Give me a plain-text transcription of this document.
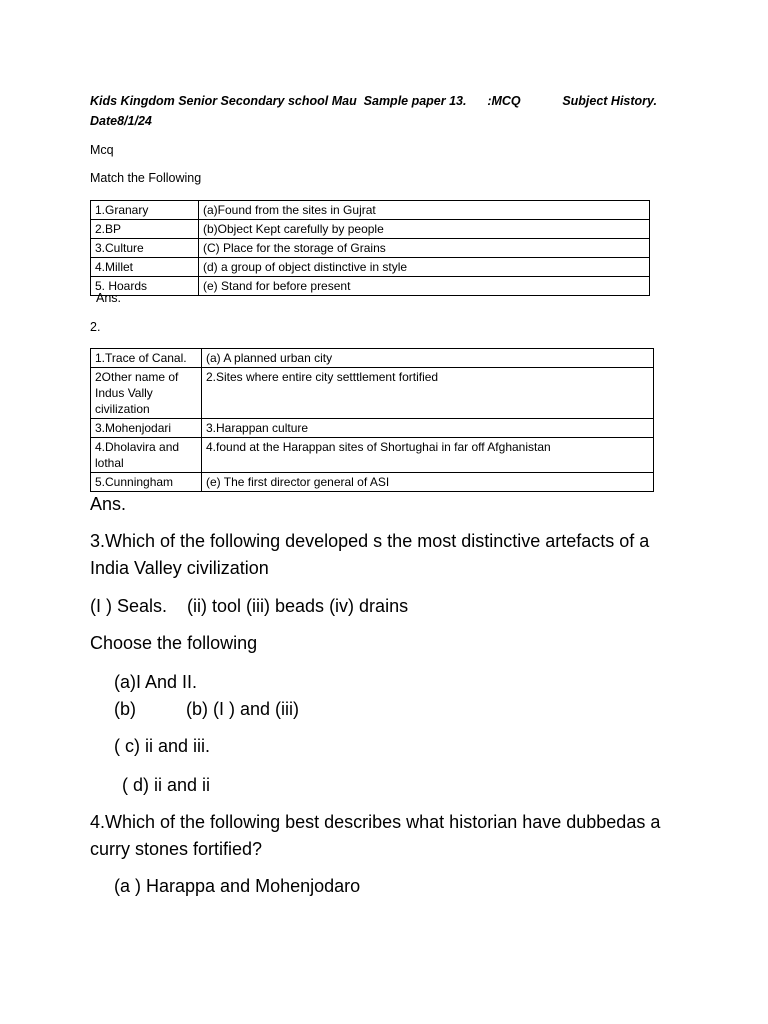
Kids Kingdom Senior Secondary school Mau  Sample paper 13.      :MCQ            Subject History.
Date8/1/24
Mcq
Match the Following
1.Granary	(a)Found from the sites in Gujrat
2.BP	(b)Object Kept carefully by people
3.Culture	(C) Place for the storage of Grains
4.Millet	(d) a group of object distinctive in style
5. Hoards	(e) Stand for before present
Ans.
2.
1.Trace of Canal.	(a) A planned urban city
2Other name of Indus Vally civilization	2.Sites where entire city setttlement fortified
3.Mohenjodari	3.Harappan culture
4.Dholavira and lothal	4.found at the Harappan sites of Shortughai in far off Afghanistan
5.Cunningham	(e) The first director general of ASI
Ans.
3.Which of the following developed s the most distinctive artefacts of a India Valley civilization
(I ) Seals.    (ii) tool (iii) beads (iv) drains
Choose the following
(a)I And II.
(b)	(b) (I ) and (iii)
( c) ii and iii.
( d) ii and ii
4.Which of the following best describes what historian have dubbedas a curry stones fortified?
(a ) Harappa and Mohenjodaro
